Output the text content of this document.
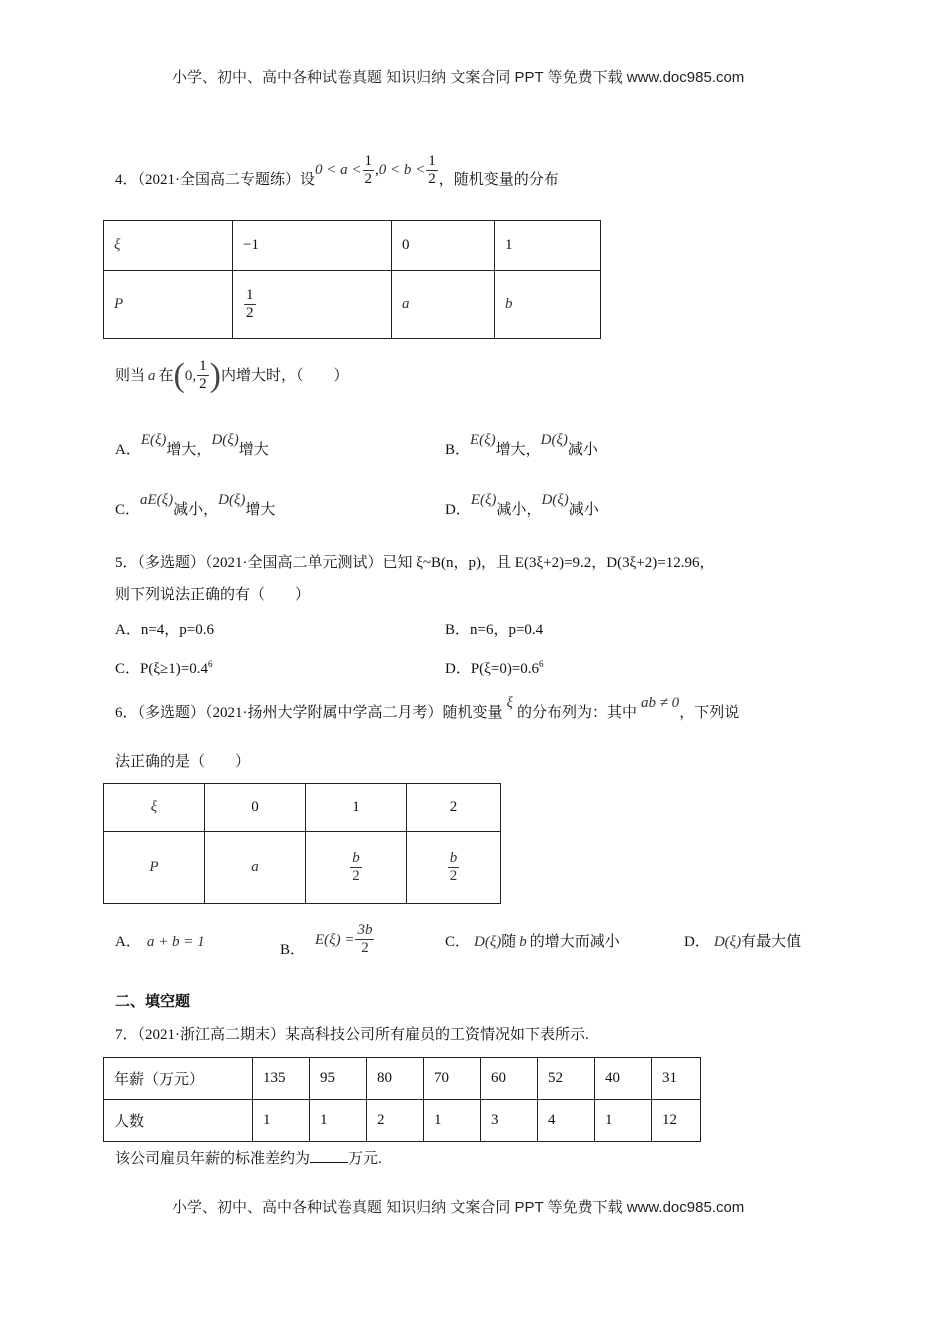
小学、初中、高中各种试卷真题 知识归纳 文案合同 PPT 等免费下载 www.doc985.com
4．（2021·全国高二专题练）设$0 < a < \frac{1}{2} ,0 < b < \frac{1}{2}$ ，随机变量的分布
ξ	−1	0	1
P	$\frac{1}{2}$	a	b
则当 a 在 ( 0, $\frac{1}{2}$ ) 内增大时，（　　）
A．E(ξ)增大，D(ξ)增大	B．E(ξ)增大，D(ξ)减小
C．aE(ξ)减小，D(ξ)增大	D．E(ξ)减小，D(ξ)减小
5．（多选题）（2021·全国高二单元测试）已知 ξ~B(n，p)，且 E(3ξ+2)=9.2，D(3ξ+2)=12.96，
则下列说法正确的有（　　）
A．n=4，p=0.6	B．n=6，p=0.4
C．$P(\xi\ge 1)=0.4^6$	D．$P(\xi=0)=0.6^6$
6．（多选题）（2021·扬州大学附属中学高二月考）随机变量ξ的分布列为：其中ab ≠ 0，下列说
法正确的是（　　）
ξ	0	1	2
P	a	$\frac{b}{2}$	$\frac{b}{2}$
A． a + b = 1	B．
$E(\xi) = \frac{3b}{2}$	C． D(ξ)随 b 的增大而减小	D． D(ξ)有最大值
二、填空题
7．（2021·浙江高二期末）某高科技公司所有雇员的工资情况如下表所示.
年薪（万元）	135	95	80	70	60	52	40	31
人数	1	1	2	1	3	4	1	12
该公司雇员年薪的标准差约为	万元.
小学、初中、高中各种试卷真题 知识归纳 文案合同 PPT 等免费下载 www.doc985.com
